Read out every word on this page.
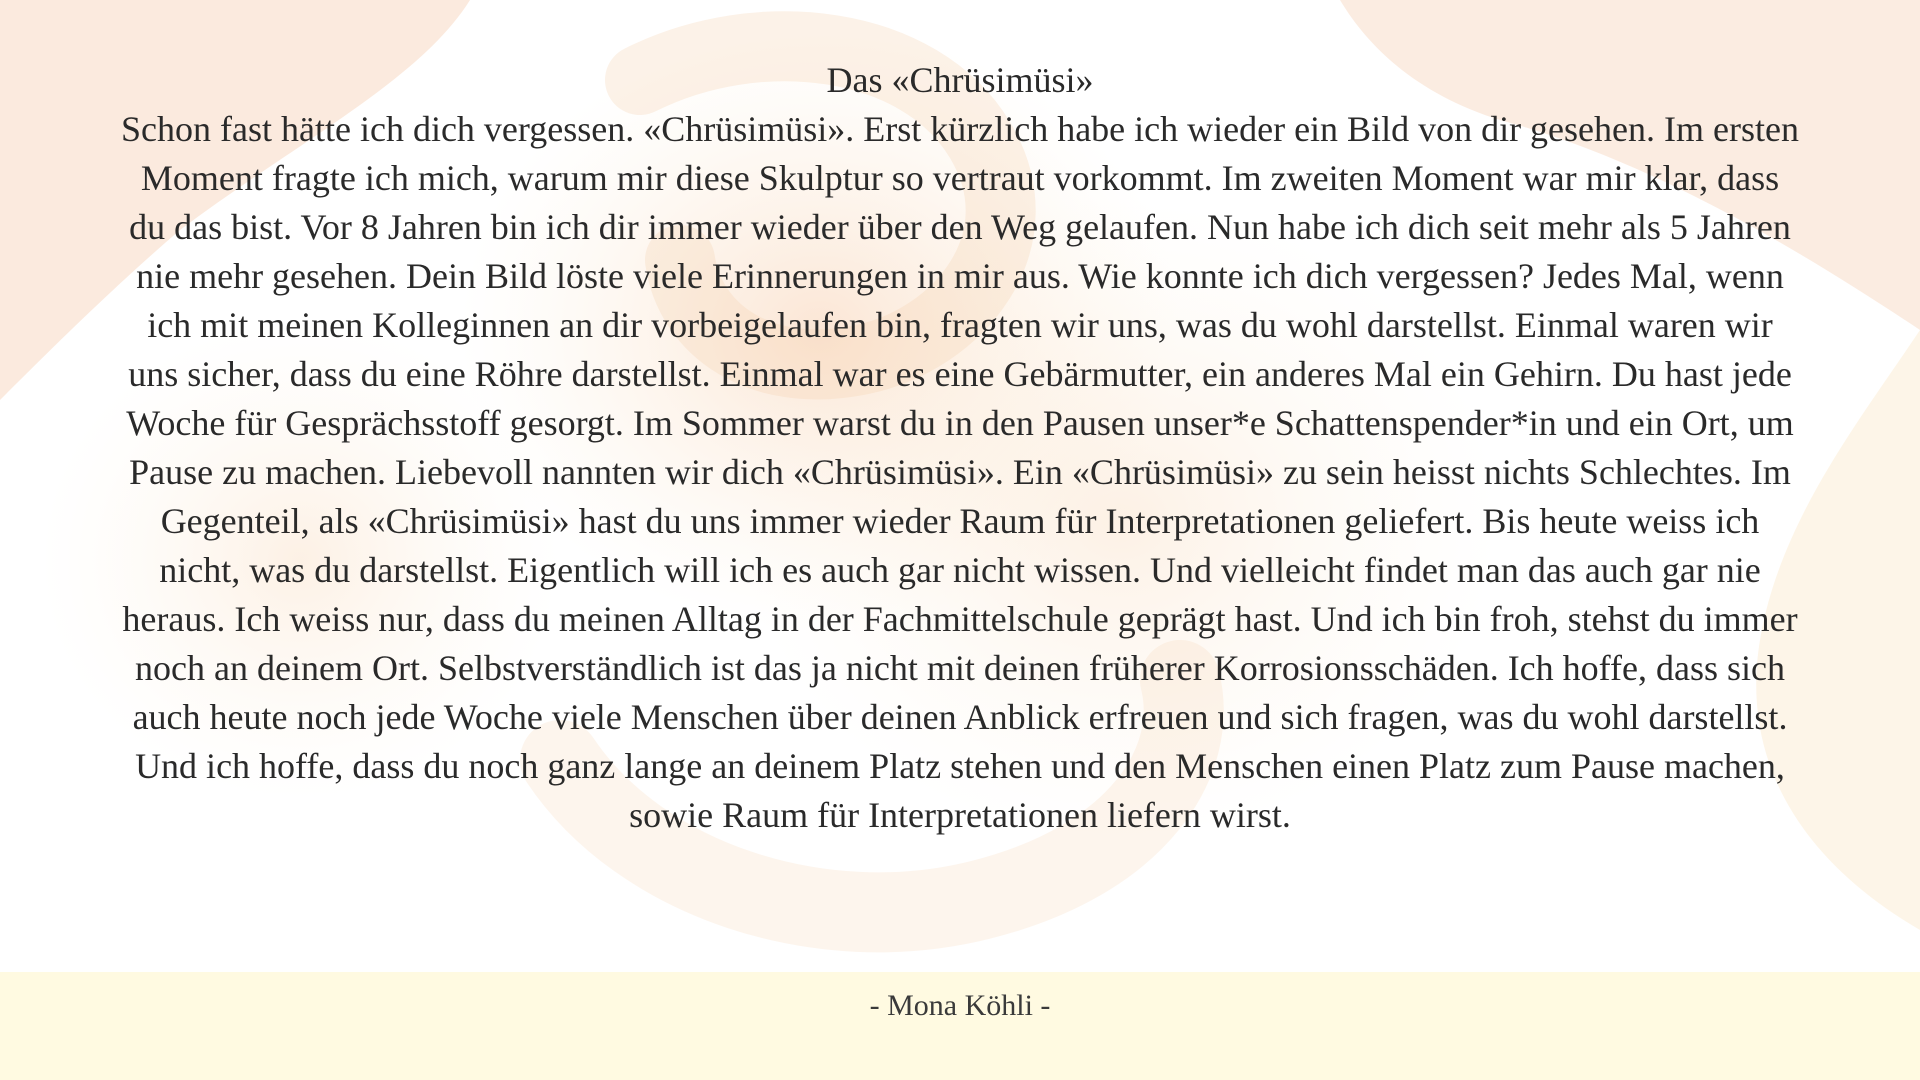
Das «Chrüsimüsi»

Schon fast hätte ich dich vergessen. «Chrüsimüsi». Erst kürzlich habe ich wieder ein Bild von dir gesehen. Im ersten Moment fragte ich mich, warum mir diese Skulptur so vertraut vorkommt. Im zweiten Moment war mir klar, dass du das bist. Vor 8 Jahren bin ich dir immer wieder über den Weg gelaufen. Nun habe ich dich seit mehr als 5 Jahren nie mehr gesehen. Dein Bild löste viele Erinnerungen in mir aus. Wie konnte ich dich vergessen? Jedes Mal, wenn ich mit meinen Kolleginnen an dir vorbeigelaufen bin, fragten wir uns, was du wohl darstellst. Einmal waren wir uns sicher, dass du eine Röhre darstellst. Einmal war es eine Gebärmutter, ein anderes Mal ein Gehirn. Du hast jede Woche für Gesprächsstoff gesorgt. Im Sommer warst du in den Pausen unser*e Schattenspender*in und ein Ort, um Pause zu machen. Liebevoll nannten wir dich «Chrüsimüsi». Ein «Chrüsimüsi» zu sein heisst nichts Schlechtes. Im Gegenteil, als «Chrüsimüsi» hast du uns immer wieder Raum für Interpretationen geliefert. Bis heute weiss ich nicht, was du darstellst. Eigentlich will ich es auch gar nicht wissen. Und vielleicht findet man das auch gar nie heraus. Ich weiss nur, dass du meinen Alltag in der Fachmittelschule geprägt hast. Und ich bin froh, stehst du immer noch an deinem Ort. Selbstverständlich ist das ja nicht mit deinen früherer Korrosionsschäden. Ich hoffe, dass sich auch heute noch jede Woche viele Menschen über deinen Anblick erfreuen und sich fragen, was du wohl darstellst. Und ich hoffe, dass du noch ganz lange an deinem Platz stehen und den Menschen einen Platz zum Pause machen, sowie Raum für Interpretationen liefern wirst.

- Mona Köhli -
